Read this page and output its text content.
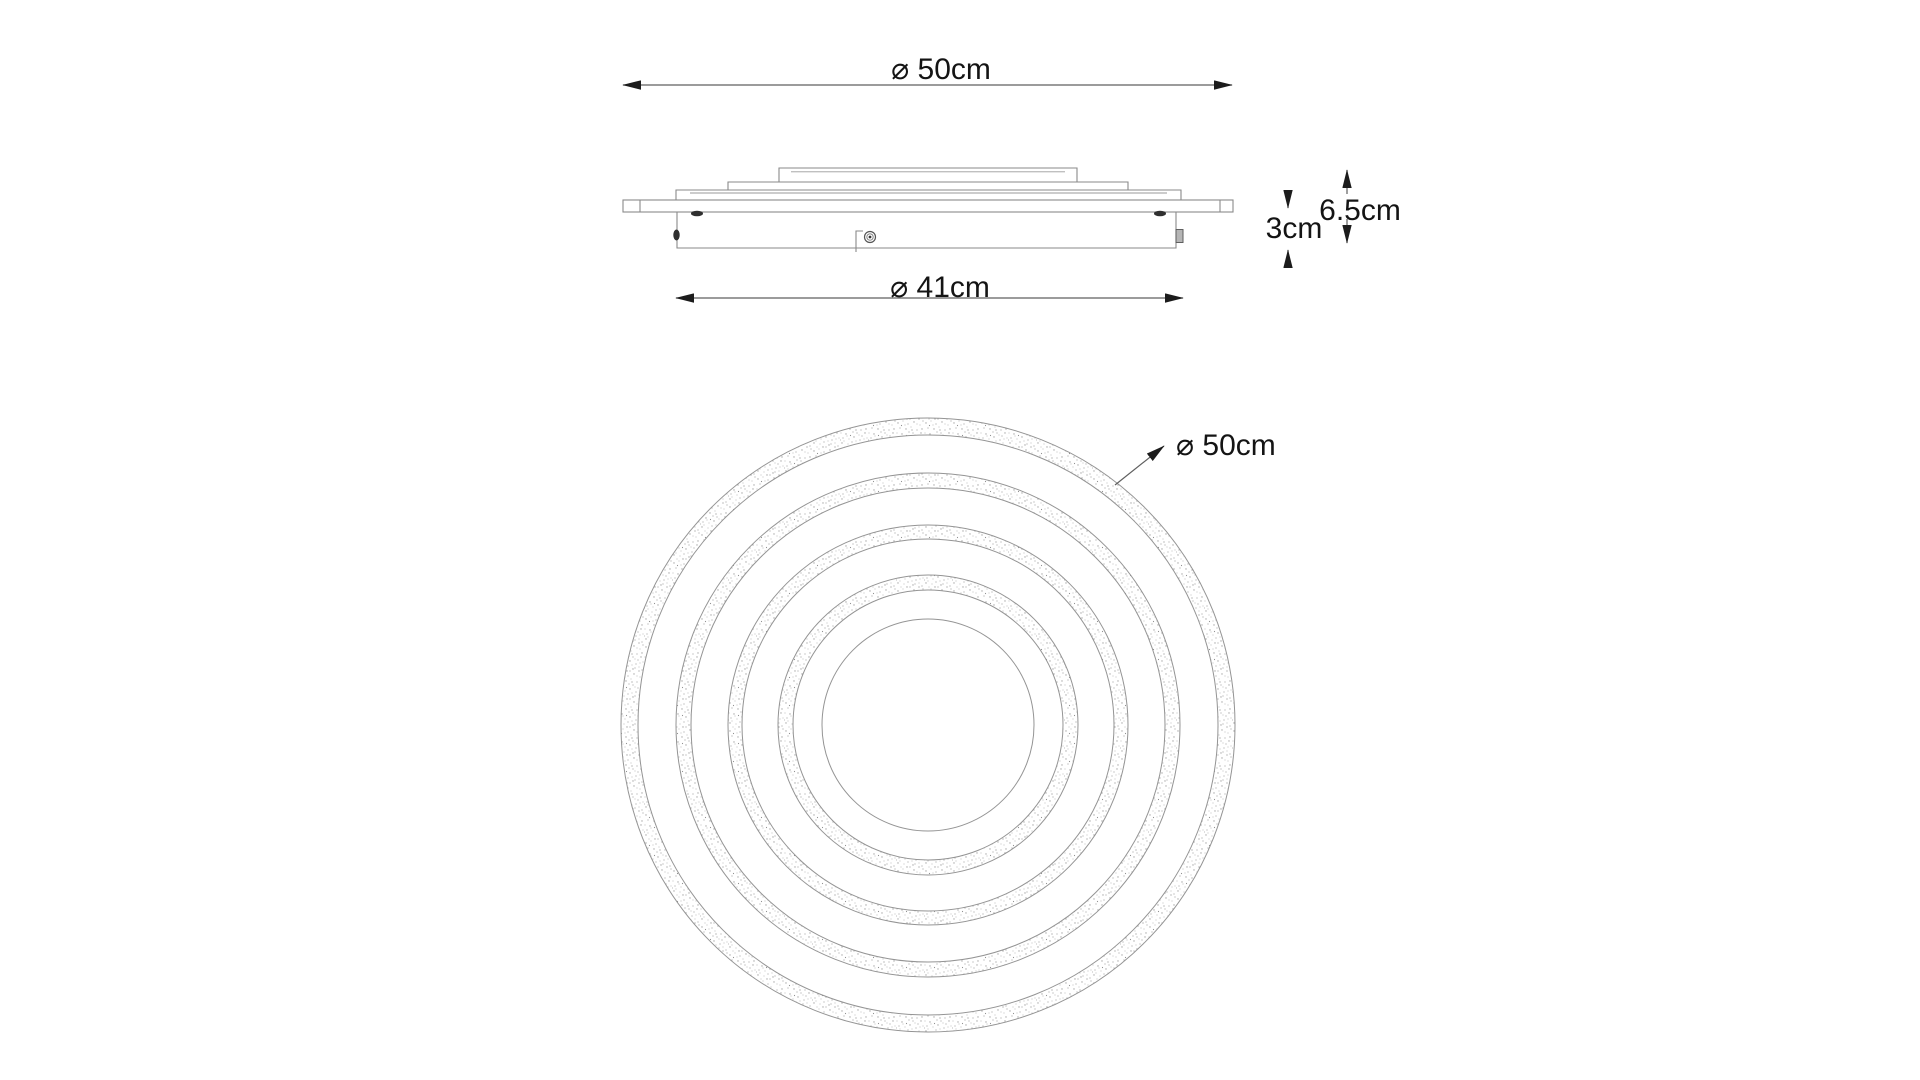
⌀ 50cm
⌀ 41cm
3cm
6.5cm
⌀ 50cm
